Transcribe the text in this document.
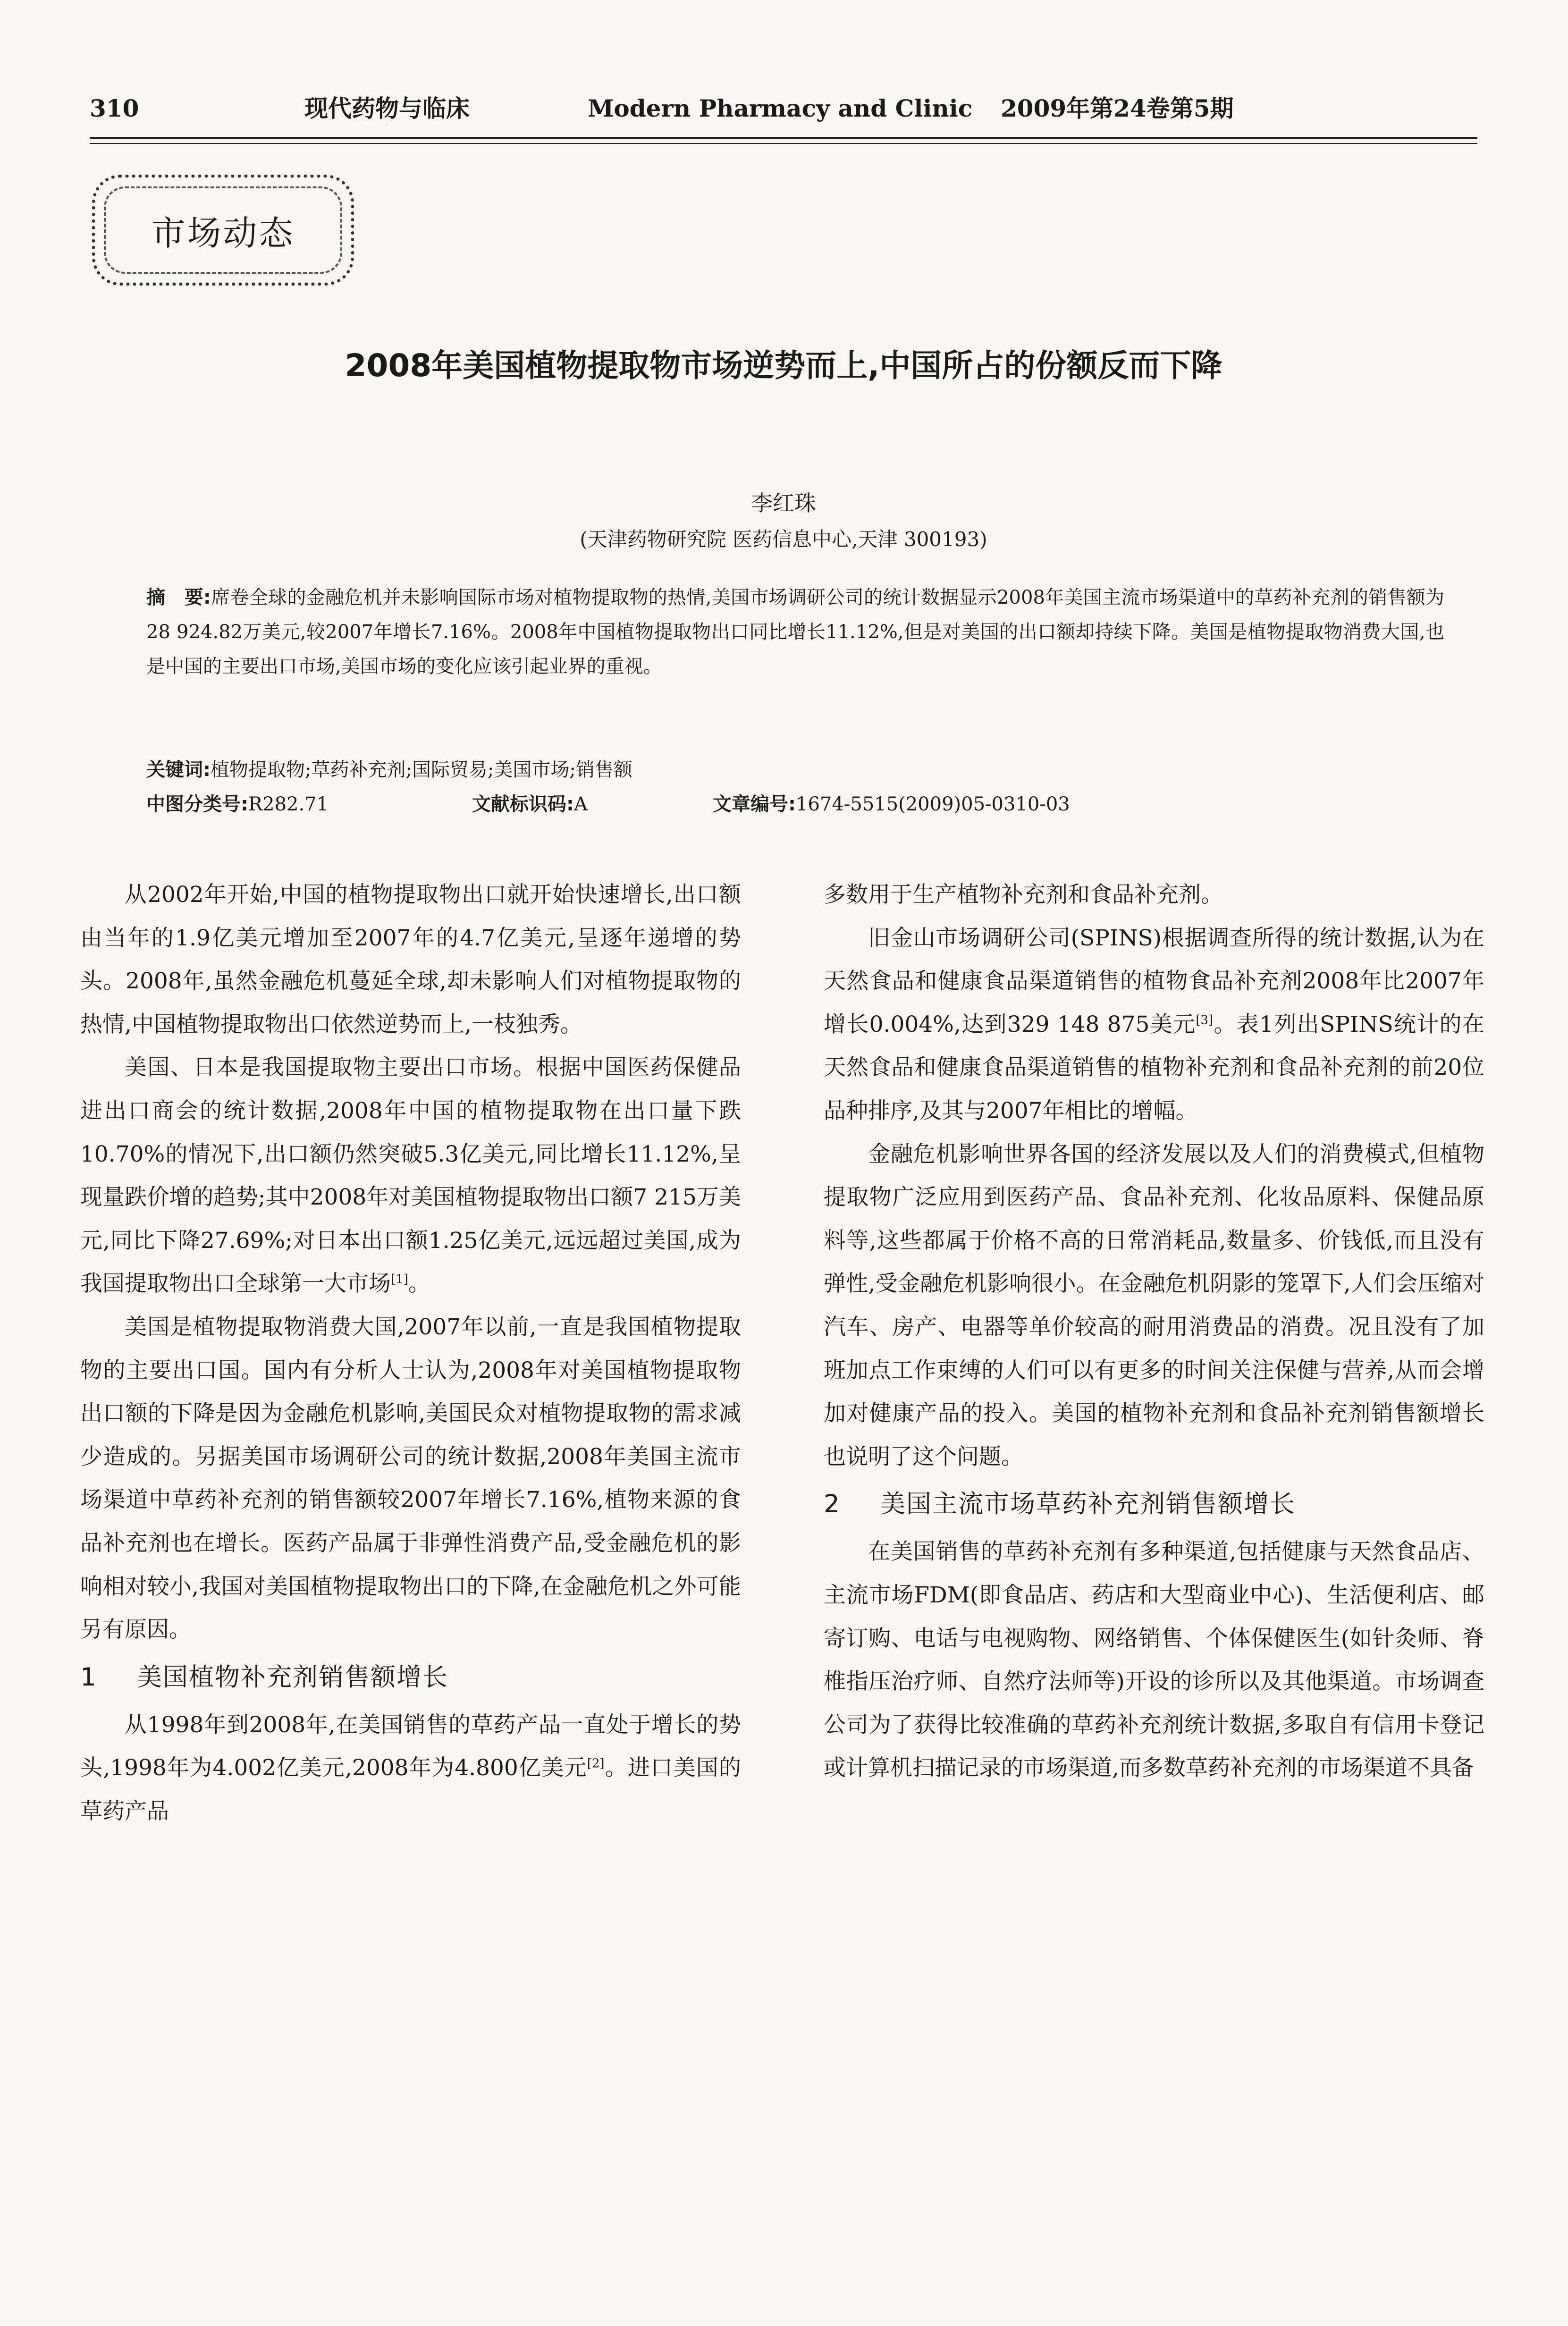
310	现代药物与临床	Modern Pharmacy and Clinic 2009年第24卷第5期
市场动态
2008年美国植物提取物市场逆势而上,中国所占的份额反而下降
李红珠
(天津药物研究院 医药信息中心,天津 300193)
摘　要:席卷全球的金融危机并未影响国际市场对植物提取物的热情,美国市场调研公司的统计数据显示2008年美国主流市场渠道中的草药补充剂的销售额为28 924.82万美元,较2007年增长7.16%。2008年中国植物提取物出口同比增长11.12%,但是对美国的出口额却持续下降。美国是植物提取物消费大国,也是中国的主要出口市场,美国市场的变化应该引起业界的重视。
关键词:植物提取物;草药补充剂;国际贸易;美国市场;销售额
中图分类号:R282.71	文献标识码:A	文章编号:1674-5515(2009)05-0310-03

从2002年开始,中国的植物提取物出口就开始快速增长,出口额由当年的1.9亿美元增加至2007年的4.7亿美元,呈逐年递增的势头。2008年,虽然金融危机蔓延全球,却未影响人们对植物提取物的热情,中国植物提取物出口依然逆势而上,一枝独秀。

美国、日本是我国提取物主要出口市场。根据中国医药保健品进出口商会的统计数据,2008年中国的植物提取物在出口量下跌10.70%的情况下,出口额仍然突破5.3亿美元,同比增长11.12%,呈现量跌价增的趋势;其中2008年对美国植物提取物出口额7 215万美元,同比下降27.69%;对日本出口额1.25亿美元,远远超过美国,成为我国提取物出口全球第一大市场[1]。

美国是植物提取物消费大国,2007年以前,一直是我国植物提取物的主要出口国。国内有分析人士认为,2008年对美国植物提取物出口额的下降是因为金融危机影响,美国民众对植物提取物的需求减少造成的。另据美国市场调研公司的统计数据,2008年美国主流市场渠道中草药补充剂的销售额较2007年增长7.16%,植物来源的食品补充剂也在增长。医药产品属于非弹性消费产品,受金融危机的影响相对较小,我国对美国植物提取物出口的下降,在金融危机之外可能另有原因。

1 美国植物补充剂销售额增长

从1998年到2008年,在美国销售的草药产品一直处于增长的势头,1998年为4.002亿美元,2008年为4.800亿美元[2]。进口美国的草药产品

多数用于生产植物补充剂和食品补充剂。

旧金山市场调研公司(SPINS)根据调查所得的统计数据,认为在天然食品和健康食品渠道销售的植物食品补充剂2008年比2007年增长0.004%,达到329 148 875美元[3]。表1列出SPINS统计的在天然食品和健康食品渠道销售的植物补充剂和食品补充剂的前20位品种排序,及其与2007年相比的增幅。

金融危机影响世界各国的经济发展以及人们的消费模式,但植物提取物广泛应用到医药产品、食品补充剂、化妆品原料、保健品原料等,这些都属于价格不高的日常消耗品,数量多、价钱低,而且没有弹性,受金融危机影响很小。在金融危机阴影的笼罩下,人们会压缩对汽车、房产、电器等单价较高的耐用消费品的消费。况且没有了加班加点工作束缚的人们可以有更多的时间关注保健与营养,从而会增加对健康产品的投入。美国的植物补充剂和食品补充剂销售额增长也说明了这个问题。

2 美国主流市场草药补充剂销售额增长

在美国销售的草药补充剂有多种渠道,包括健康与天然食品店、主流市场FDM(即食品店、药店和大型商业中心)、生活便利店、邮寄订购、电话与电视购物、网络销售、个体保健医生(如针灸师、脊椎指压治疗师、自然疗法师等)开设的诊所以及其他渠道。市场调查公司为了获得比较准确的草药补充剂统计数据,多取自有信用卡登记或计算机扫描记录的市场渠道,而多数草药补充剂的市场渠道不具备
